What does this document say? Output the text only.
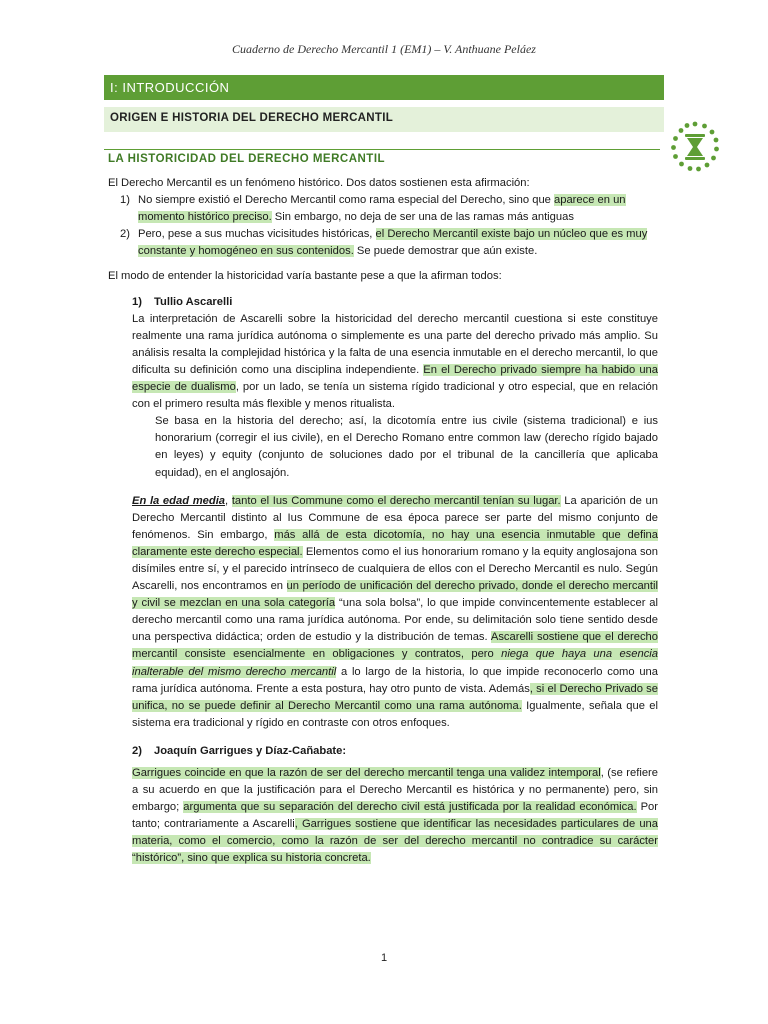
Cuaderno de Derecho Mercantil 1 (EM1) – V. Anthuane Peláez
I: INTRODUCCIÓN
ORIGEN E HISTORIA DEL DERECHO MERCANTIL
LA HISTORICIDAD DEL DERECHO MERCANTIL

El Derecho Mercantil es un fenómeno histórico. Dos datos sostienen esta afirmación:

1) No siempre existió el Derecho Mercantil como rama especial del Derecho, sino que aparece en un momento histórico preciso. Sin embargo, no deja de ser una de las ramas más antiguas
2) Pero, pese a sus muchas vicisitudes históricas, el Derecho Mercantil existe bajo un núcleo que es muy constante y homogéneo en sus contenidos. Se puede demostrar que aún existe.

El modo de entender la historicidad varía bastante pese a que la afirman todos:

1) Tullio Ascarelli

La interpretación de Ascarelli sobre la historicidad del derecho mercantil cuestiona si este constituye realmente una rama jurídica autónoma o simplemente es una parte del derecho privado más amplio. Su análisis resalta la complejidad histórica y la falta de una esencia inmutable en el derecho mercantil, lo que dificulta su definición como una disciplina independiente. En el Derecho privado siempre ha habido una especie de dualismo, por un lado, se tenía un sistema rígido tradicional y otro especial, que en relación con el primero resulta más flexible y menos ritualista.

Se basa en la historia del derecho; así, la dicotomía entre ius civile (sistema tradicional) e ius honorarium (corregir el ius civile), en el Derecho Romano entre common law (derecho rígido bajado en leyes) y equity (conjunto de soluciones dado por el tribunal de la cancillería que aplicaba equidad), en el anglosajón.

En la edad media, tanto el Ius Commune como el derecho mercantil tenían su lugar. La aparición de un Derecho Mercantil distinto al Ius Commune de esa época parece ser parte del mismo conjunto de fenómenos. Sin embargo, más allá de esta dicotomía, no hay una esencia inmutable que defina claramente este derecho especial. Elementos como el ius honorarium romano y la equity anglosajona son disímiles entre sí, y el parecido intrínseco de cualquiera de ellos con el Derecho Mercantil es nulo. Según Ascarelli, nos encontramos en un período de unificación del derecho privado, donde el derecho mercantil y civil se mezclan en una sola categoría “una sola bolsa”, lo que impide convincentemente establecer al derecho mercantil como una rama jurídica autónoma. Por ende, su delimitación solo tiene sentido desde una perspectiva didáctica; orden de estudio y la distribución de temas. Ascarelli sostiene que el derecho mercantil consiste esencialmente en obligaciones y contratos, pero niega que haya una esencia inalterable del mismo derecho mercantil a lo largo de la historia, lo que impide reconocerlo como una rama jurídica autónoma. Frente a esta postura, hay otro punto de vista. Además, si el Derecho Privado se unifica, no se puede definir al Derecho Mercantil como una rama autónoma. Igualmente, señala que el sistema era tradicional y rígido en contraste con otros enfoques.

2) Joaquín Garrigues y Díaz-Cañabate:

Garrigues coincide en que la razón de ser del derecho mercantil tenga una validez intemporal, (se refiere a su acuerdo en que la justificación para el Derecho Mercantil es histórica y no permanente) pero, sin embargo; argumenta que su separación del derecho civil está justificada por la realidad económica. Por tanto; contrariamente a Ascarelli, Garrigues sostiene que identificar las necesidades particulares de una materia, como el comercio, como la razón de ser del derecho mercantil no contradice su carácter “histórico”, sino que explica su historia concreta.

1
